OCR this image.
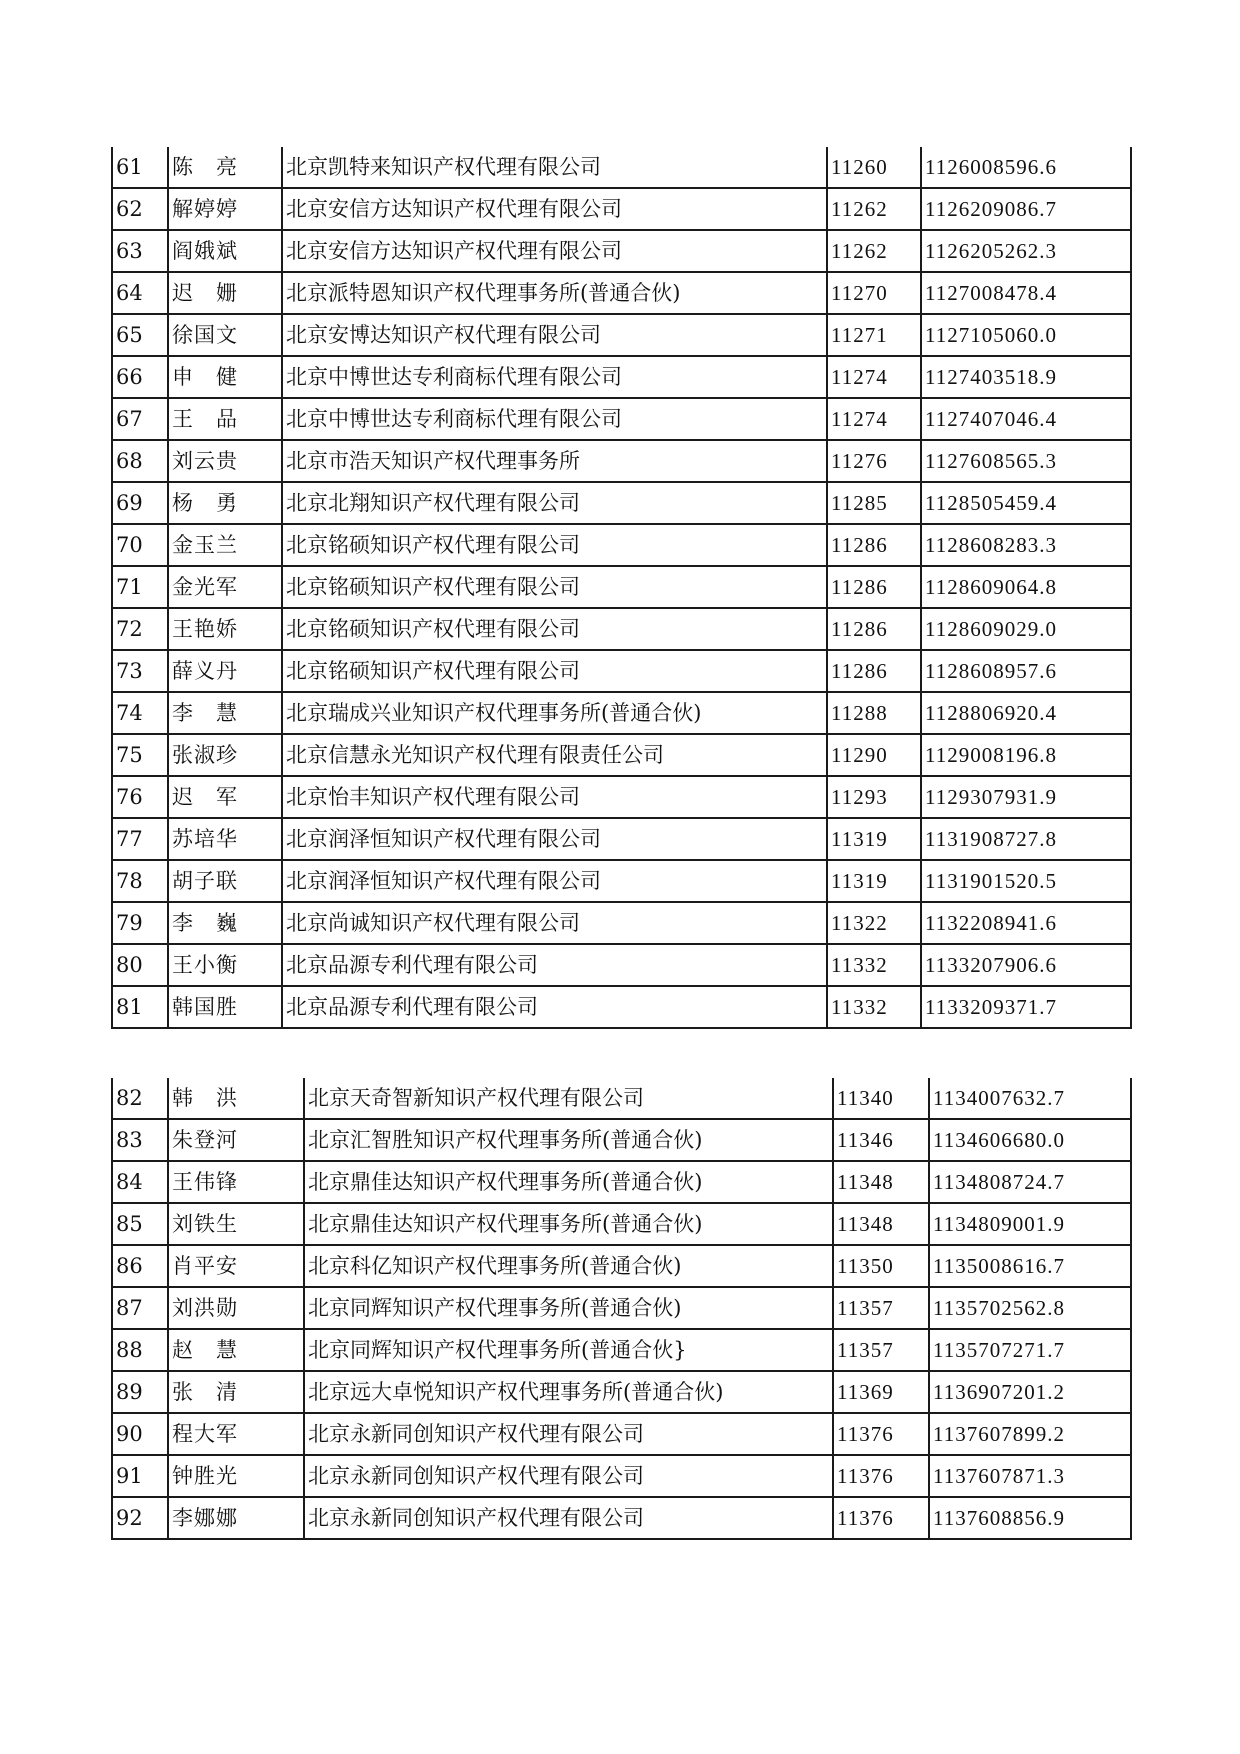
61	陈　亮	北京凯特来知识产权代理有限公司	11260	1126008596.6
62	解婷婷	北京安信方达知识产权代理有限公司	11262	1126209086.7
63	阎娥斌	北京安信方达知识产权代理有限公司	11262	1126205262.3
64	迟　姗	北京派特恩知识产权代理事务所(普通合伙)	11270	1127008478.4
65	徐国文	北京安博达知识产权代理有限公司	11271	1127105060.0
66	申　健	北京中博世达专利商标代理有限公司	11274	1127403518.9
67	王　品	北京中博世达专利商标代理有限公司	11274	1127407046.4
68	刘云贵	北京市浩天知识产权代理事务所	11276	1127608565.3
69	杨　勇	北京北翔知识产权代理有限公司	11285	1128505459.4
70	金玉兰	北京铭硕知识产权代理有限公司	11286	1128608283.3
71	金光军	北京铭硕知识产权代理有限公司	11286	1128609064.8
72	王艳娇	北京铭硕知识产权代理有限公司	11286	1128609029.0
73	薛义丹	北京铭硕知识产权代理有限公司	11286	1128608957.6
74	李　慧	北京瑞成兴业知识产权代理事务所(普通合伙)	11288	1128806920.4
75	张淑珍	北京信慧永光知识产权代理有限责任公司	11290	1129008196.8
76	迟　军	北京怡丰知识产权代理有限公司	11293	1129307931.9
77	苏培华	北京润泽恒知识产权代理有限公司	11319	1131908727.8
78	胡子联	北京润泽恒知识产权代理有限公司	11319	1131901520.5
79	李　巍	北京尚诚知识产权代理有限公司	11322	1132208941.6
80	王小衡	北京品源专利代理有限公司	11332	1133207906.6
81	韩国胜	北京品源专利代理有限公司	11332	1133209371.7
82	韩　洪	北京天奇智新知识产权代理有限公司	11340	1134007632.7
83	朱登河	北京汇智胜知识产权代理事务所(普通合伙)	11346	1134606680.0
84	王伟锋	北京鼎佳达知识产权代理事务所(普通合伙)	11348	1134808724.7
85	刘铁生	北京鼎佳达知识产权代理事务所(普通合伙)	11348	1134809001.9
86	肖平安	北京科亿知识产权代理事务所(普通合伙)	11350	1135008616.7
87	刘洪勋	北京同辉知识产权代理事务所(普通合伙)	11357	1135702562.8
88	赵　慧	北京同辉知识产权代理事务所(普通合伙}	11357	1135707271.7
89	张　清	北京远大卓悦知识产权代理事务所(普通合伙)	11369	1136907201.2
90	程大军	北京永新同创知识产权代理有限公司	11376	1137607899.2
91	钟胜光	北京永新同创知识产权代理有限公司	11376	1137607871.3
92	李娜娜	北京永新同创知识产权代理有限公司	11376	1137608856.9
